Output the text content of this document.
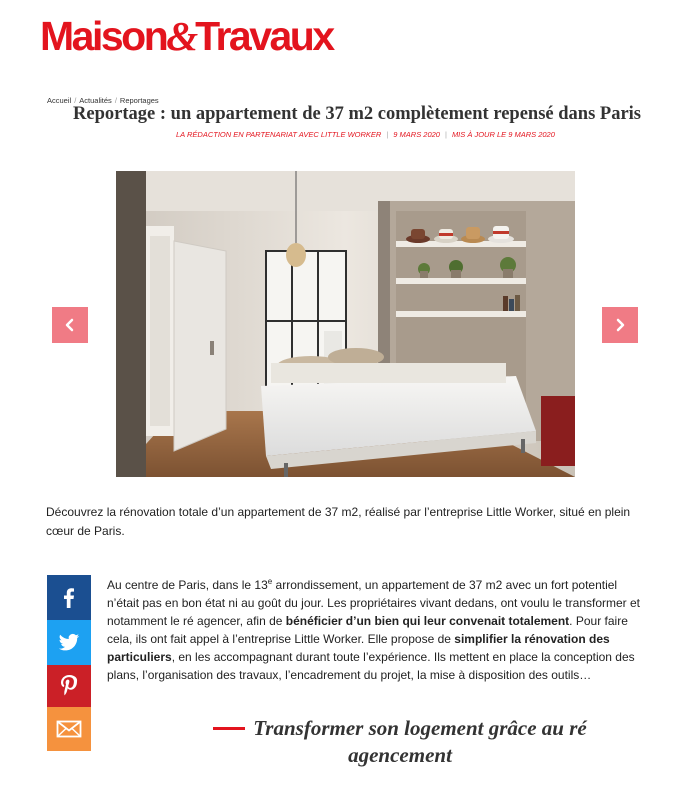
Maison&Travaux
Accueil / Actualités / Reportages
Reportage : un appartement de 37 m2 complètement repensé dans Paris
LA RÉDACTION EN PARTENARIAT AVEC LITTLE WORKER | 9 MARS 2020 | MIS À JOUR LE 9 MARS 2020

Découvrez la rénovation totale d’un appartement de 37 m2, réalisé par l’entreprise Little Worker, situé en plein cœur de Paris.

Au centre de Paris, dans le 13e arrondissement, un appartement de 37 m2 avec un fort potentiel n’était pas en bon état ni au goût du jour. Les propriétaires vivant dedans, ont voulu le transformer et notamment le ré agencer, afin de bénéficier d’un bien qui leur convenait totalement. Pour faire cela, ils ont fait appel à l’entreprise Little Worker. Elle propose de simplifier la rénovation des particuliers, en les accompagnant durant toute l’expérience. Ils mettent en place la conception des plans, l’organisation des travaux, l’encadrement du projet, la mise à disposition des outils…

Transformer son logement grâce au ré agencement
